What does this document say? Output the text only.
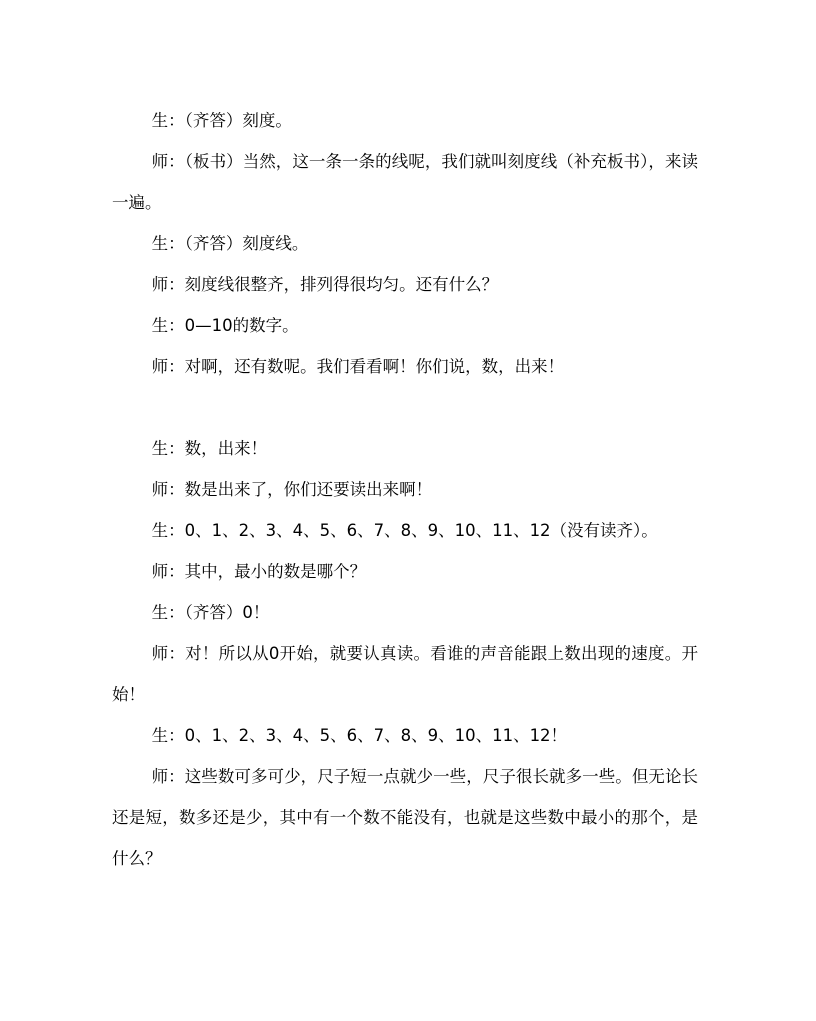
生：（齐答）刻度。

师：（板书）当然，这一条一条的线呢，我们就叫刻度线（补充板书），来读一遍。

生：（齐答）刻度线。

师：刻度线很整齐，排列得很均匀。还有什么？

生：0—10的数字。

师：对啊，还有数呢。我们看看啊！你们说，数，出来！

生：数，出来！

师：数是出来了，你们还要读出来啊！

生：0、1、2、3、4、5、6、7、8、9、10、11、12（没有读齐）。

师：其中，最小的数是哪个？

生：（齐答）0！

师：对！所以从0开始，就要认真读。看谁的声音能跟上数出现的速度。开始！

生：0、1、2、3、4、5、6、7、8、9、10、11、12！

师：这些数可多可少，尺子短一点就少一些，尺子很长就多一些。但无论长还是短，数多还是少，其中有一个数不能没有，也就是这些数中最小的那个，是什么？
